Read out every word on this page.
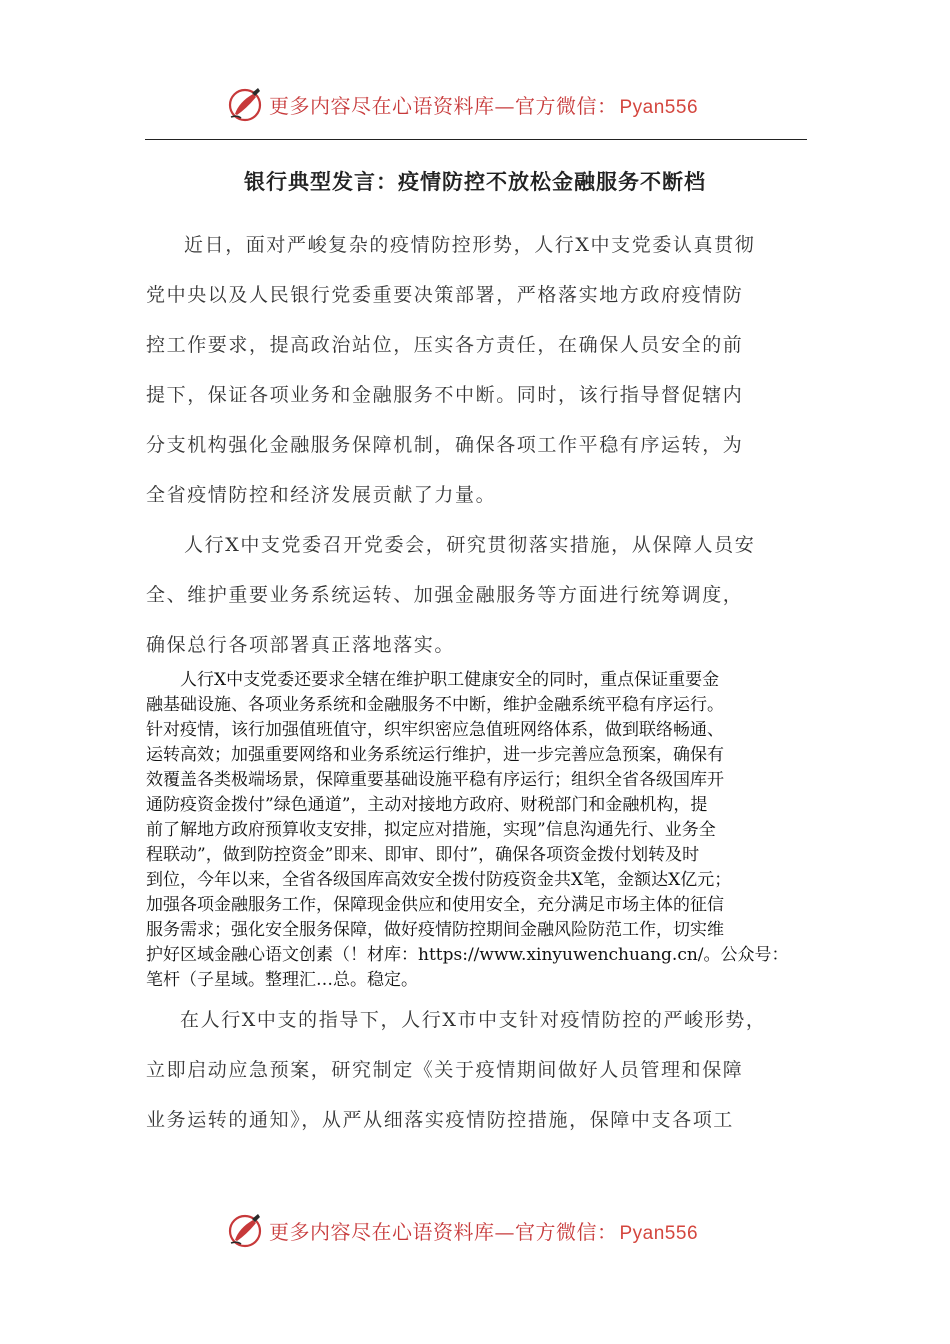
更多内容尽在心语资料库—官方微信： Pyan556
银行典型发言：疫情防控不放松金融服务不断档
近日，面对严峻复杂的疫情防控形势，人行X中支党委认真贯彻
党中央以及人民银行党委重要决策部署，严格落实地方政府疫情防
控工作要求，提高政治站位，压实各方责任，在确保人员安全的前
提下，保证各项业务和金融服务不中断。同时，该行指导督促辖内
分支机构强化金融服务保障机制，确保各项工作平稳有序运转，为
全省疫情防控和经济发展贡献了力量。
人行X中支党委召开党委会，研究贯彻落实措施，从保障人员安
全、维护重要业务系统运转、加强金融服务等方面进行统筹调度，
确保总行各项部署真正落地落实。
人行X中支党委还要求全辖在维护职工健康安全的同时，重点保证重要金
融基础设施、各项业务系统和金融服务不中断，维护金融系统平稳有序运行。
针对疫情，该行加强值班值守，织牢织密应急值班网络体系，做到联络畅通、
运转高效；加强重要网络和业务系统运行维护，进一步完善应急预案，确保有
效覆盖各类极端场景，保障重要基础设施平稳有序运行；组织全省各级国库开
通防疫资金拨付”绿色通道”，主动对接地方政府、财税部门和金融机构，提
前了解地方政府预算收支安排，拟定应对措施，实现”信息沟通先行、业务全
程联动”，做到防控资金”即来、即审、即付”，确保各项资金拨付划转及时
到位，今年以来，全省各级国库高效安全拨付防疫资金共X笔，金额达X亿元；
加强各项金融服务工作，保障现金供应和使用安全，充分满足市场主体的征信
服务需求；强化安全服务保障，做好疫情防控期间金融风险防范工作，切实维
护好区域金融心语文创素（！材库：https://www.xinyuwenchuang.cn/。公众号：
笔杆（子星域。整理汇…总。稳定。
在人行X中支的指导下，人行X市中支针对疫情防控的严峻形势，
立即启动应急预案，研究制定《关于疫情期间做好人员管理和保障
业务运转的通知》，从严从细落实疫情防控措施，保障中支各项工
更多内容尽在心语资料库—官方微信： Pyan556
